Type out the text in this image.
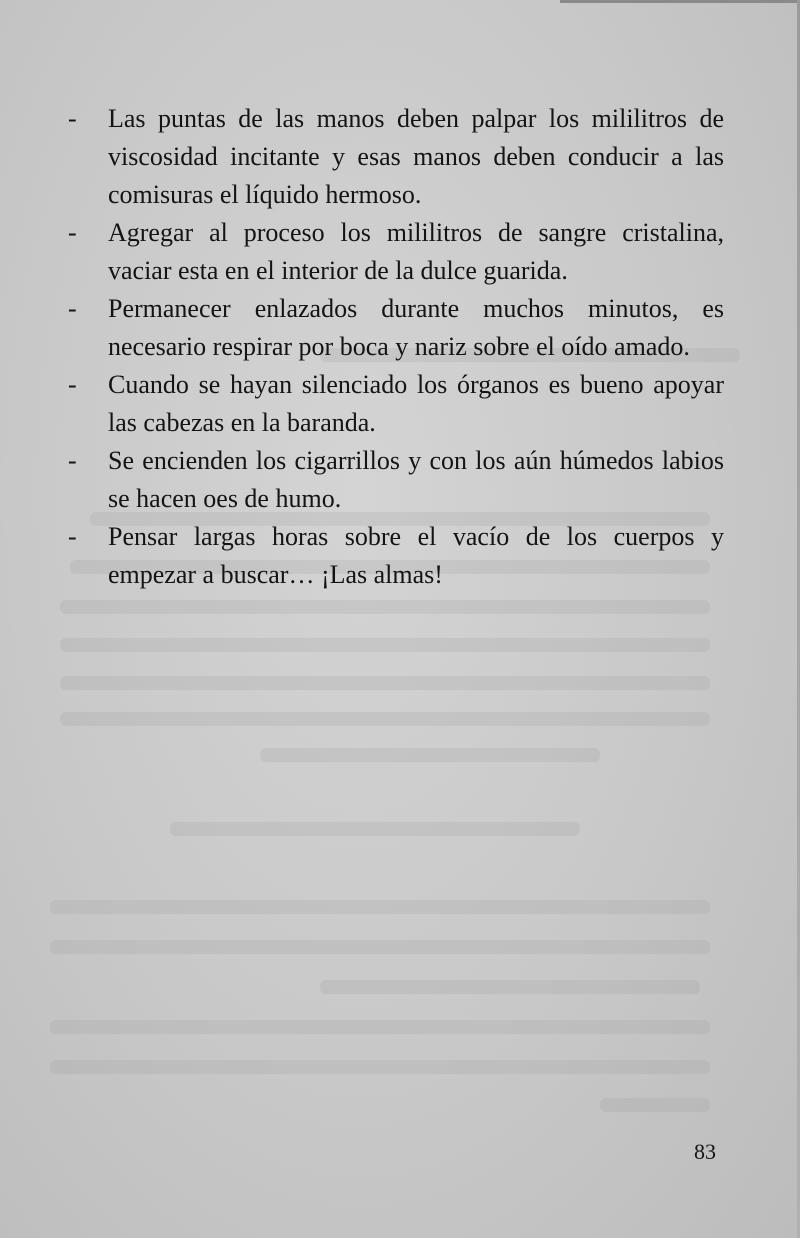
-	Las puntas de las manos deben palpar los mililitros de viscosidad incitante y esas manos deben conducir a las comisuras el líquido hermoso.
-	Agregar al proceso los mililitros de sangre cristalina, vaciar esta en el interior de la dulce guarida.
-	Permanecer enlazados durante muchos minutos, es necesario respirar por boca y nariz sobre el oído amado.
-	Cuando se hayan silenciado los órganos es bueno apoyar las cabezas en la baranda.
-	Se encienden los cigarrillos y con los aún húmedos labios se hacen oes de humo.
-	Pensar largas horas sobre el vacío de los cuerpos y empezar a buscar… ¡Las almas!
83
